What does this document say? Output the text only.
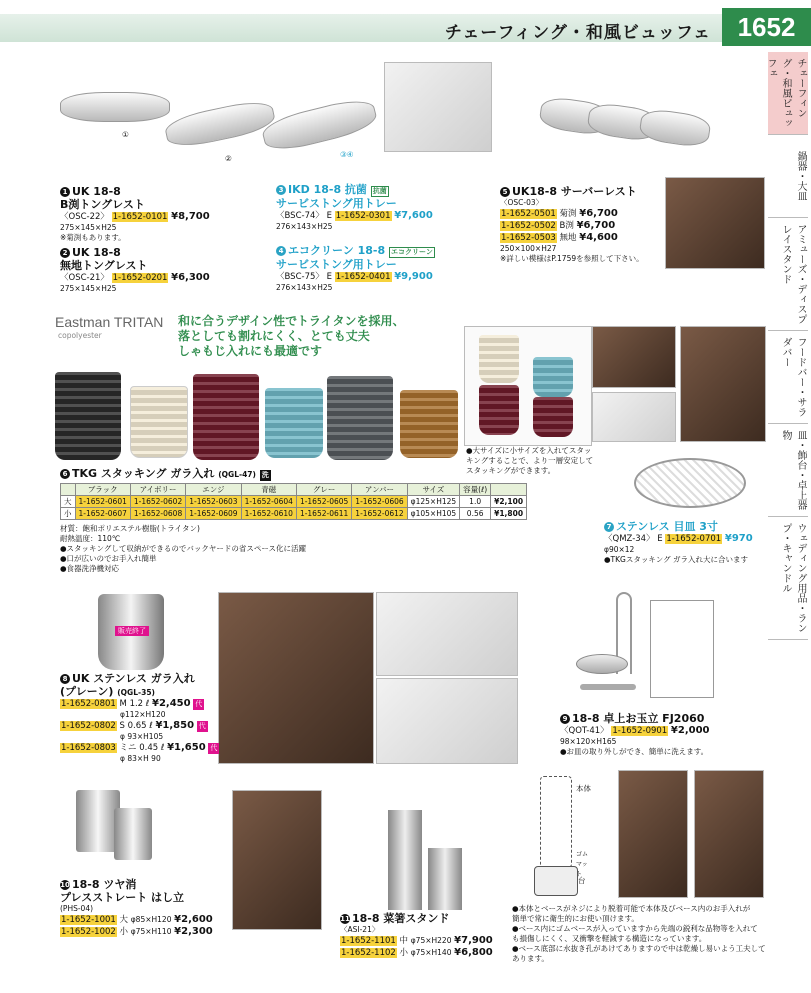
チェーフィング・和風ビュッフェ	1652
チェーフィング・和風ビュッフェ
鍋器・大皿
アミューズ・ディスプレイスタンド
フードバー・サラダバー
皿・飾台・卓上器物
ウェディング用品・ランプ・キャンドル
①
②	③④
1 UK 18-8
B渕トングレスト
〈OSC-22〉 1-1652-0101 ¥8,700
275×145×H25
※菊渕もあります。
2 UK 18-8
無地トングレスト
〈OSC-21〉 1-1652-0201 ¥6,300
275×145×H25
3 IKD 18-8 抗菌 抗菌
サービストング用トレー
〈BSC-74〉 E 1-1652-0301 ¥7,600
276×143×H25
4 エコクリーン 18-8 エコクリーン
サービストング用トレー
〈BSC-75〉 E 1-1652-0401 ¥9,900
276×143×H25
5 UK18-8 サーバーレスト
〈OSC-03〉
1-1652-0501 菊渕 ¥6,700
1-1652-0502 B渕 ¥6,700
1-1652-0503 無地 ¥4,600
250×100×H27
※詳しい模様はP.1759を参照して下さい。
Eastman TRITAN
copolyester
和に合うデザイン性でトライタンを採用、
落としても割れにくく、とても丈夫
しゃもじ入れにも最適です
●大サイズに小サイズを入れてスタッ
キングすることで、より一層安定して
スタッキングができます。
6 TKG スタッキング ガラ入れ (QGL-47) 洗
	ブラック	アイボリー	エンジ	青磁	グレー	アンバー	サイズ	容量(ℓ)	
大	1-1652-0601	1-1652-0602	1-1652-0603	1-1652-0604	1-1652-0605	1-1652-0606	φ125×H125	1.0	¥2,100
小	1-1652-0607	1-1652-0608	1-1652-0609	1-1652-0610	1-1652-0611	1-1652-0612	φ105×H105	0.56	¥1,800
材質：飽和ポリエステル樹脂(トライタン)
耐熱温度：110℃
●スタッキングして収納ができるのでバックヤードの省スペース化に活躍
●口が広いのでお手入れ簡単
●食器洗浄機対応
7 ステンレス 目皿 3寸
〈QMZ-34〉 E 1-1652-0701 ¥970
φ90×12
●TKGスタッキング ガラ入れ大に合います
販売終了
8 UK ステンレス ガラ入れ
(プレーン) (QGL-35)
1-1652-0801 M 1.2 ℓ ¥2,450 代
φ112×H120
1-1652-0802 S 0.65 ℓ ¥1,850 代
φ 93×H105
1-1652-0803 ミニ 0.45 ℓ ¥1,650 代
φ 83×H 90
9 18-8 卓上お玉立 FJ2060
〈QOT-41〉 1-1652-0901 ¥2,000
98×120×H165
●お皿の取り外しができ、簡単に洗えます。
本体
ゴムマット
台
10 18-8 ツヤ消
プレスストレート はし立
(PHS-04)
1-1652-1001 大 φ85×H120 ¥2,600
1-1652-1002 小 φ75×H110 ¥2,300
11 18-8 菜箸スタンド
〈ASI-21〉
1-1652-1101 中 φ75×H220 ¥7,900
1-1652-1102 小 φ75×H140 ¥6,800
●本体とベースがネジにより脱着可能で本体及びベース内のお手入れが
簡単で常に衛生的にお使い頂けます。
●ベース内にゴムベースが入っていますから先端の鋭利な品物等を入れて
も損傷しにくく、又衝撃を軽減する構造になっています。
●ベース底部に水抜き孔があけてありますので中は乾燥し易いよう工夫して
あります。
